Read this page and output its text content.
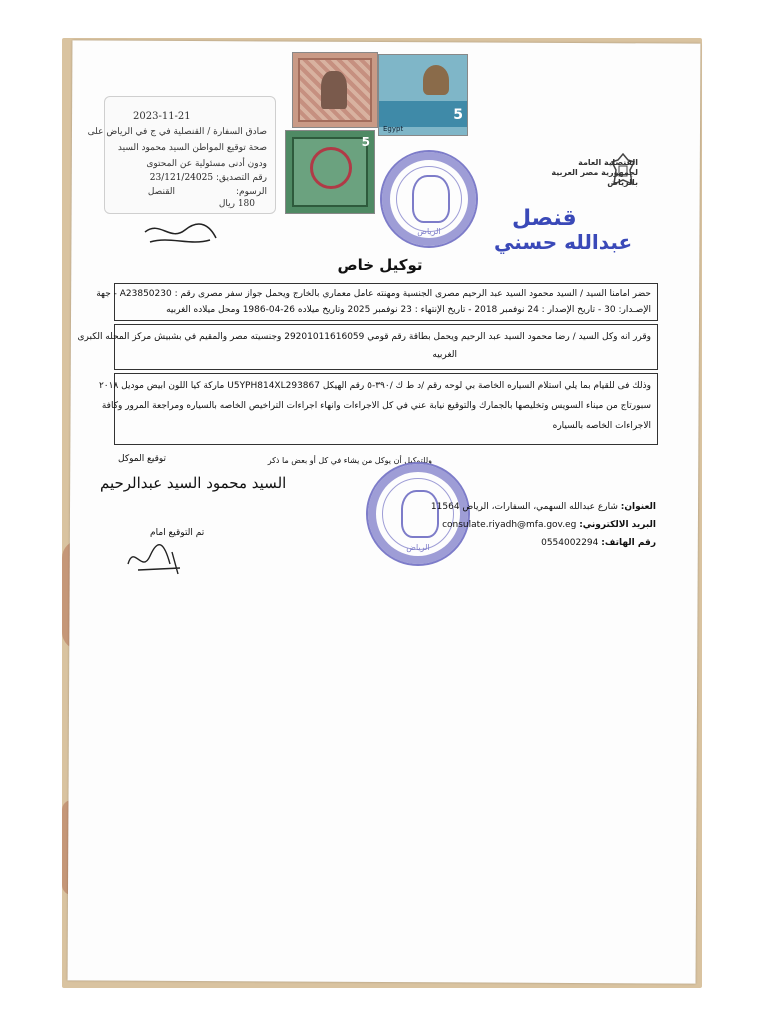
2023-11-21
صادق السفارة / القنصلية في ج في الرياض على
صحة توقيع المواطن السيد محمود السيد
ودون أدنى مسئولية عن المحتوى
رقم التصديق: 23/121/24025
الرسوم:
القنصل
180 ريال
Egypt
5
5
الرياض
القنصلية العامة
لجمهورية مصر العربية
بالرياض
قنصل
عبدالله حسني
توكيل خاص
حضر امامنا السيد / السيد محمود السيد عبد الرحيم مصرى الجنسية ومهنته عامل معماري بالخارج ويحمل جواز سفر مصرى رقم : A23850230 - جهة
الإصـدار: 30 - تاريخ الإصدار : 24 نوفمبر 2018 - تاريخ الإنتهاء : 23 نوفمبر 2025 وتاريخ ميلاده 26-04-1986 ومحل ميلاده الغربيه
وقرر انه وكل السيد / رضا محمود السيد عبد الرحيم ويحمل بطاقة رقم قومي 29201011616059 وجنسيته مصر والمقيم في بشبيش مركز المحله الكبرى
الغربيه
وذلك فى للقيام بما يلي استلام السياره الخاصة بي لوحه رقم /د ط ك /٣٩٠-٥ رقم الهيكل U5YPH814XL293867 ماركة كيا اللون ابيض موديل ٢٠١٨
سبورتاج من ميناء السويس وتخليصها بالجمارك والتوقيع نيابة عني في كل الاجراءات وانهاء اجراءات التراخيص الخاصه بالسياره ومراجعة المرور وكافة
الاجراءات الخاصه بالسياره
وللتوكيل أن يوكل من يشاء في كل أو بعض ما ذكر
توقيع الموكل
السيد محمود السيد عبدالرحيم
تم التوقيع امام
الرياض
العنوان: شارع عبدالله السهمي، السفارات، الرياض 11564
البريد الالكتروني: consulate.riyadh@mfa.gov.eg
رقم الهاتف: 0554002294
